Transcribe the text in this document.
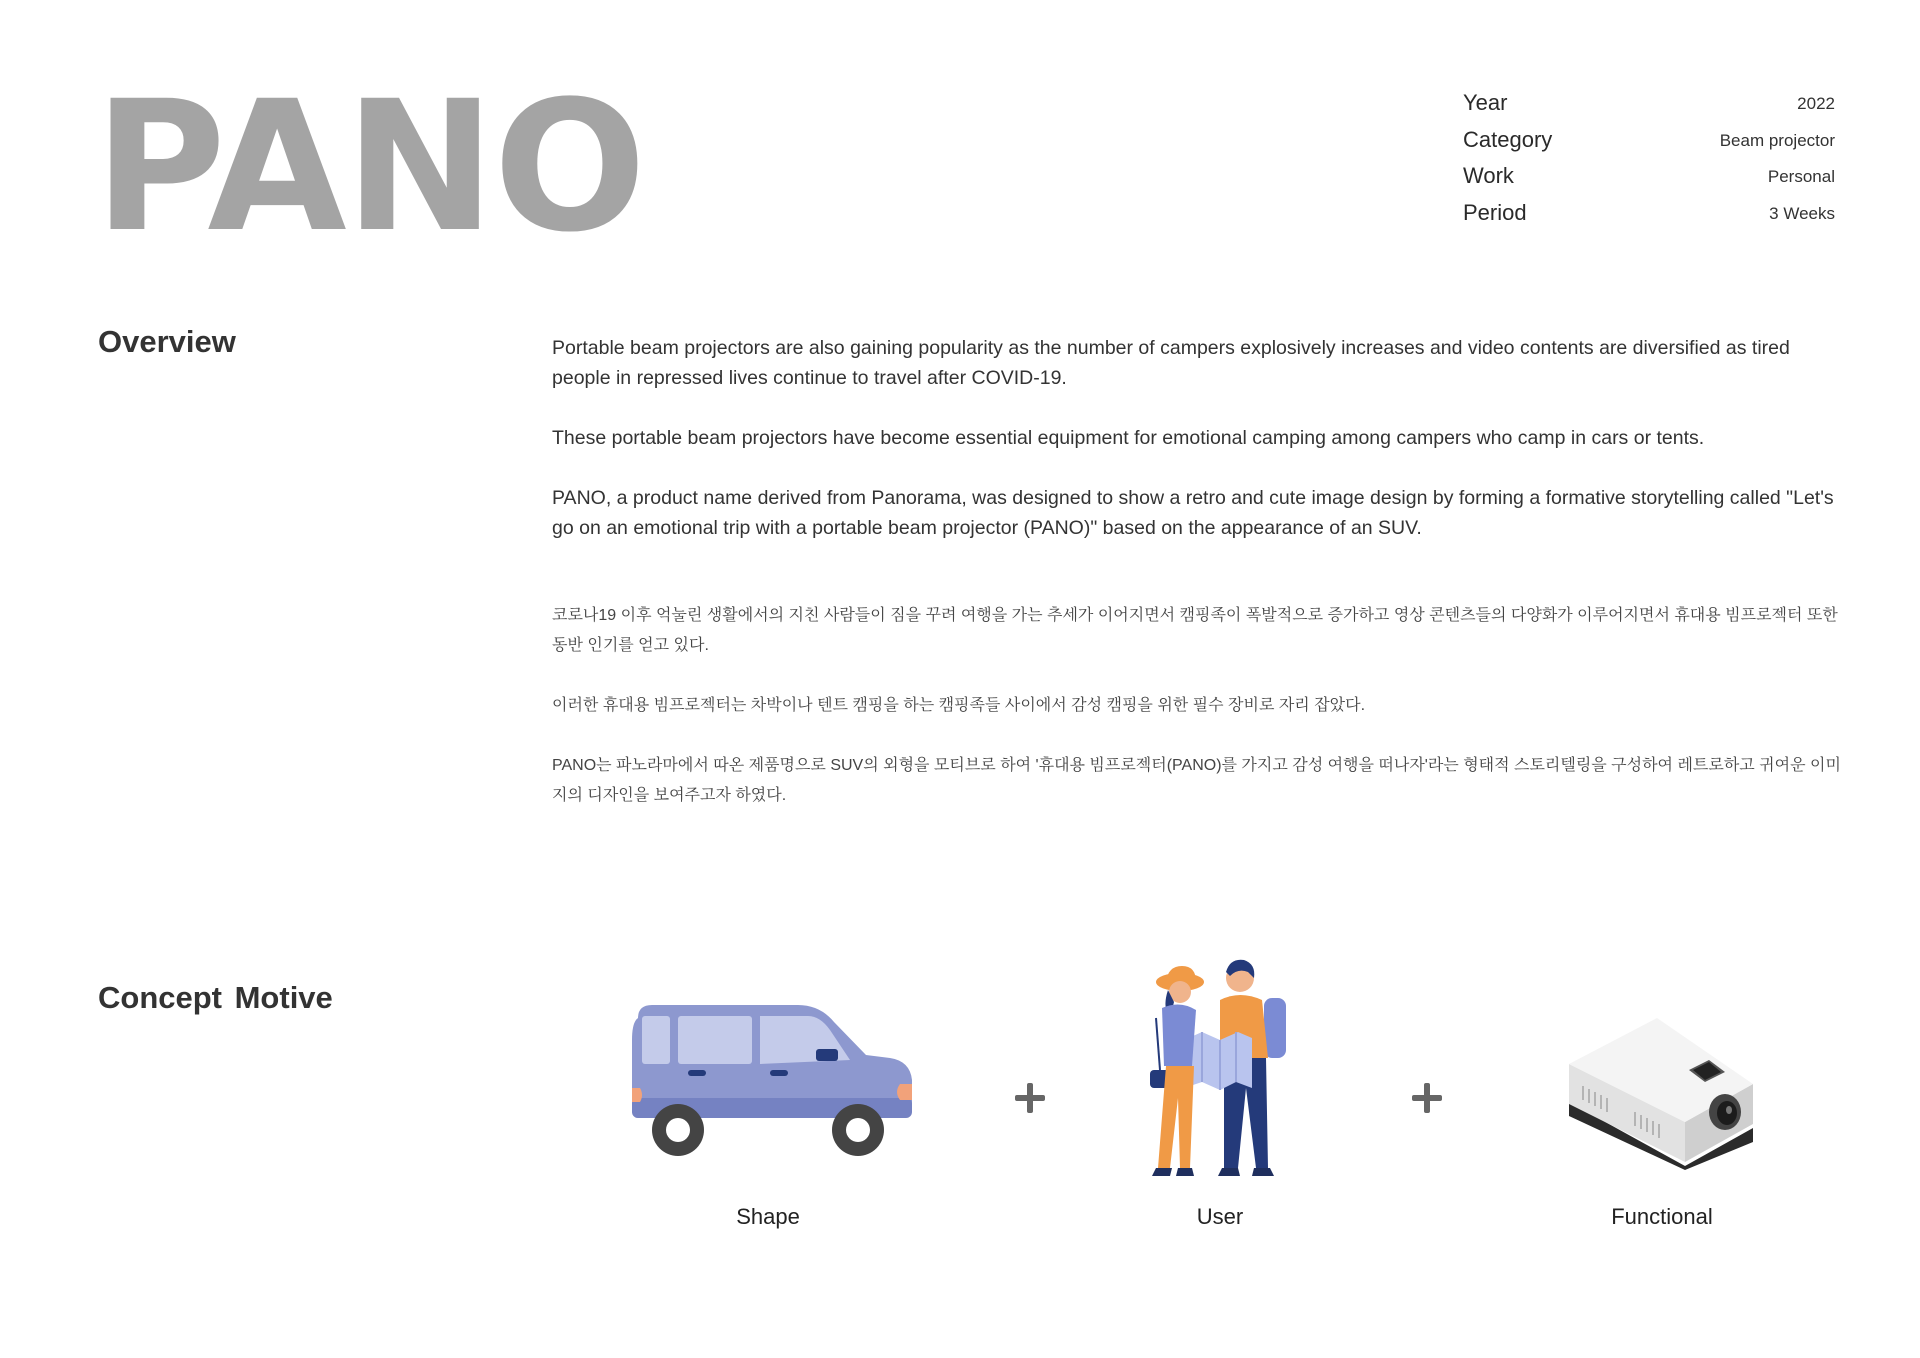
PANO	Year	2022
Category	Beam projector
Work	Personal
Period	3 Weeks
Overview	Portable beam projectors are also gaining popularity as the number of campers explosively increases and video contents are diversified as tired people in repressed lives continue to travel after COVID-19.

These portable beam projectors have become essential equipment for emotional camping among campers who camp in cars or tents.

PANO, a product name derived from Panorama, was designed to show a retro and cute image design by forming a formative storytelling called "Let's go on an emotional trip with a portable beam projector (PANO)" based on the appearance of an SUV.

코로나19 이후 억눌린 생활에서의 지친 사람들이 짐을 꾸려 여행을 가는 추세가 이어지면서 캠핑족이 폭발적으로 증가하고 영상 콘텐츠들의 다양화가 이루어지면서 휴대용 빔프로젝터 또한 동반 인기를 얻고 있다.

이러한 휴대용 빔프로젝터는 차박이나 텐트 캠핑을 하는 캠핑족들 사이에서 감성 캠핑을 위한 필수 장비로 자리 잡았다.

PANO는 파노라마에서 따온 제품명으로 SUV의 외형을 모티브로 하여 '휴대용 빔프로젝터(PANO)를 가지고 감성 여행을 떠나자'라는 형태적 스토리텔링을 구성하여 레트로하고 귀여운 이미지의 디자인을 보여주고자 하였다.

Concept Motive
Shape	User	Functional
